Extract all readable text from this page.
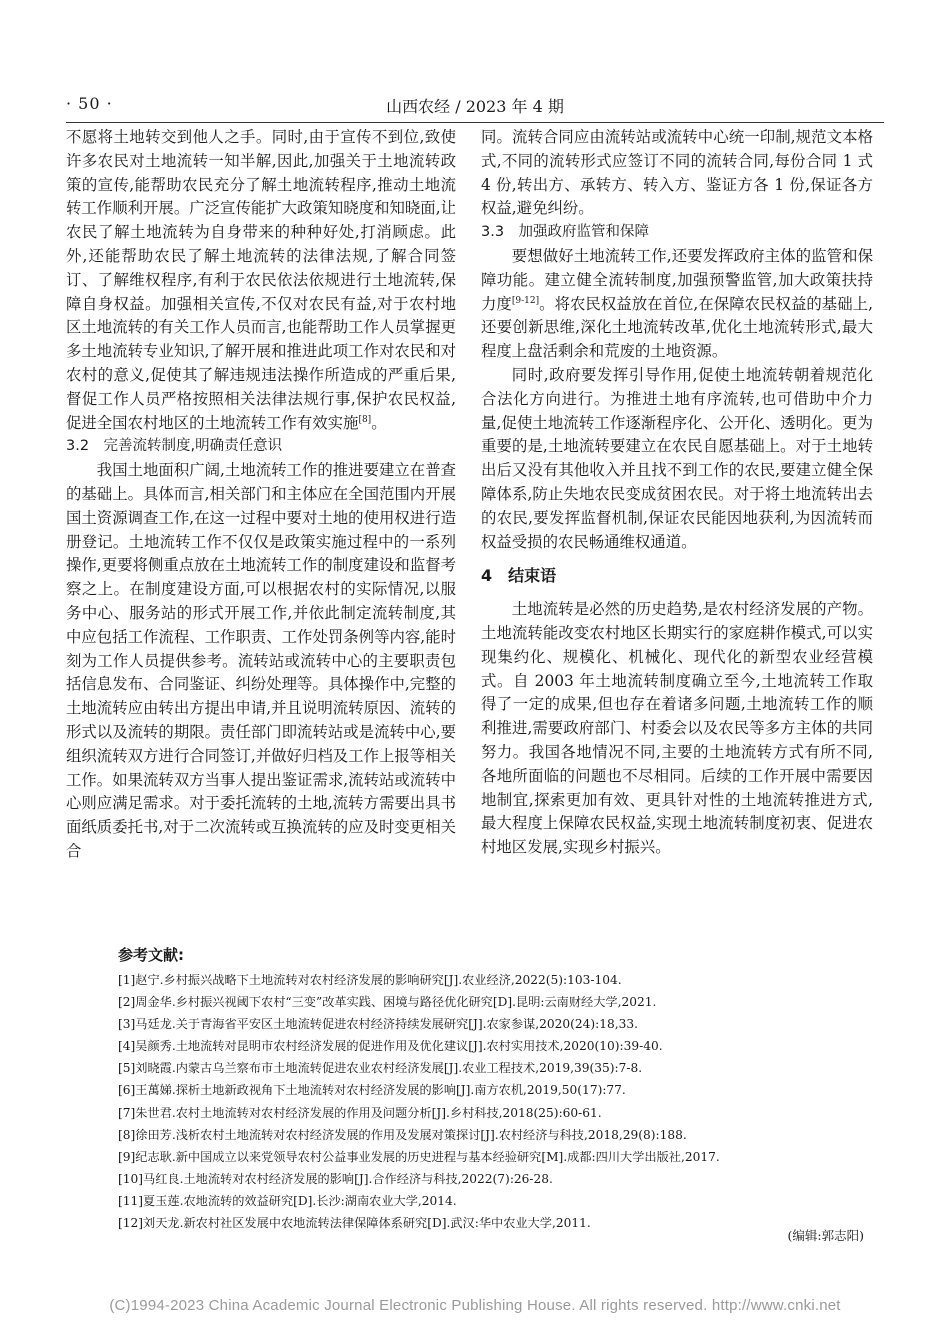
· 50 ·	山西农经 / 2023 年 4 期

不愿将土地转交到他人之手。同时,由于宣传不到位,致使许多农民对土地流转一知半解,因此,加强关于土地流转政策的宣传,能帮助农民充分了解土地流转程序,推动土地流转工作顺利开展。广泛宣传能扩大政策知晓度和知晓面,让农民了解土地流转为自身带来的种种好处,打消顾虑。此外,还能帮助农民了解土地流转的法律法规,了解合同签订、了解维权程序,有利于农民依法依规进行土地流转,保障自身权益。加强相关宣传,不仅对农民有益,对于农村地区土地流转的有关工作人员而言,也能帮助工作人员掌握更多土地流转专业知识,了解开展和推进此项工作对农民和对农村的意义,促使其了解违规违法操作所造成的严重后果,督促工作人员严格按照相关法律法规行事,保护农民权益,促进全国农村地区的土地流转工作有效实施[8]。

3.2　完善流转制度,明确责任意识

我国土地面积广阔,土地流转工作的推进要建立在普查的基础上。具体而言,相关部门和主体应在全国范围内开展国土资源调查工作,在这一过程中要对土地的使用权进行造册登记。土地流转工作不仅仅是政策实施过程中的一系列操作,更要将侧重点放在土地流转工作的制度建设和监督考察之上。在制度建设方面,可以根据农村的实际情况,以服务中心、服务站的形式开展工作,并依此制定流转制度,其中应包括工作流程、工作职责、工作处罚条例等内容,能时刻为工作人员提供参考。流转站或流转中心的主要职责包括信息发布、合同鉴证、纠纷处理等。具体操作中,完整的土地流转应由转出方提出申请,并且说明流转原因、流转的形式以及流转的期限。责任部门即流转站或是流转中心,要组织流转双方进行合同签订,并做好归档及工作上报等相关工作。如果流转双方当事人提出鉴证需求,流转站或流转中心则应满足需求。对于委托流转的土地,流转方需要出具书面纸质委托书,对于二次流转或互换流转的应及时变更相关合

同。流转合同应由流转站或流转中心统一印制,规范文本格式,不同的流转形式应签订不同的流转合同,每份合同 1 式 4 份,转出方、承转方、转入方、鉴证方各 1 份,保证各方权益,避免纠纷。

3.3　加强政府监管和保障

要想做好土地流转工作,还要发挥政府主体的监管和保障功能。建立健全流转制度,加强预警监管,加大政策扶持力度[9-12]。将农民权益放在首位,在保障农民权益的基础上,还要创新思维,深化土地流转改革,优化土地流转形式,最大程度上盘活剩余和荒废的土地资源。

同时,政府要发挥引导作用,促使土地流转朝着规范化合法化方向进行。为推进土地有序流转,也可借助中介力量,促使土地流转工作逐渐程序化、公开化、透明化。更为重要的是,土地流转要建立在农民自愿基础上。对于土地转出后又没有其他收入并且找不到工作的农民,要建立健全保障体系,防止失地农民变成贫困农民。对于将土地流转出去的农民,要发挥监督机制,保证农民能因地获利,为因流转而权益受损的农民畅通维权通道。

4　结束语

土地流转是必然的历史趋势,是农村经济发展的产物。土地流转能改变农村地区长期实行的家庭耕作模式,可以实现集约化、规模化、机械化、现代化的新型农业经营模式。自 2003 年土地流转制度确立至今,土地流转工作取得了一定的成果,但也存在着诸多问题,土地流转工作的顺利推进,需要政府部门、村委会以及农民等多方主体的共同努力。我国各地情况不同,主要的土地流转方式有所不同,各地所面临的问题也不尽相同。后续的工作开展中需要因地制宜,探索更加有效、更具针对性的土地流转推进方式,最大程度上保障农民权益,实现土地流转制度初衷、促进农村地区发展,实现乡村振兴。

参考文献:
[1]赵宁.乡村振兴战略下土地流转对农村经济发展的影响研究[J].农业经济,2022(5):103-104.
[2]周金华.乡村振兴视阈下农村“三变”改革实践、困境与路径优化研究[D].昆明:云南财经大学,2021.
[3]马廷龙.关于青海省平安区土地流转促进农村经济持续发展研究[J].农家参谋,2020(24):18,33.
[4]吴颜秀.土地流转对昆明市农村经济发展的促进作用及优化建议[J].农村实用技术,2020(10):39-40.
[5]刘晓霞.内蒙古乌兰察布市土地流转促进农业农村经济发展[J].农业工程技术,2019,39(35):7-8.
[6]王萬娣.探析土地新政视角下土地流转对农村经济发展的影响[J].南方农机,2019,50(17):77.
[7]朱世君.农村土地流转对农村经济发展的作用及问题分析[J].乡村科技,2018(25):60-61.
[8]徐田芳.浅析农村土地流转对农村经济发展的作用及发展对策探讨[J].农村经济与科技,2018,29(8):188.
[9]纪志耿.新中国成立以来党领导农村公益事业发展的历史进程与基本经验研究[M].成都:四川大学出版社,2017.
[10]马红良.土地流转对农村经济发展的影响[J].合作经济与科技,2022(7):26-28.
[11]夏玉莲.农地流转的效益研究[D].长沙:湖南农业大学,2014.
[12]刘天龙.新农村社区发展中农地流转法律保障体系研究[D].武汉:华中农业大学,2011.
(编辑:郭志阳)
(C)1994-2023 China Academic Journal Electronic Publishing House. All rights reserved. http://www.cnki.net
